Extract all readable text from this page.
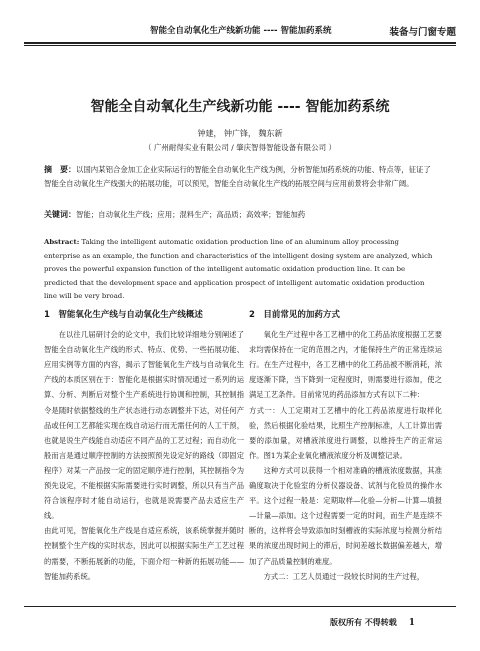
智能全自动氧化生产线新功能 ---- 智能加药系统	装备与门窗专题
智能全自动氧化生产线新功能 ---- 智能加药系统
钟建， 钟广锋， 魏东新
（ 广州耐得实业有限公司 / 肇庆智得智能设备有限公司 ）
摘　要：以国内某铝合金加工企业实际运行的智能全自动氧化生产线为例，分析智能加药系统的功能、特点等，征证了智能全自动氧化生产线强大的拓展功能，可以预见，智能全自动氧化生产线的拓展空间与应用前景将会非常广阔。
关键词：智能；自动氧化生产线；应用；混料生产；高品质；高效率；智能加药
Abstract: Taking the intelligent automatic oxidation production line of an aluminum alloy processing enterprise as an example, the function and characteristics of the intelligent dosing system are analyzed, which proves the powerful expansion function of the intelligent automatic oxidation production line. It can be predicted that the development space and application prospect of intelligent automatic oxidation production line will be very broad.
1　智能氧化生产线与自动氧化生产线概述

在以往几届研讨会的论文中，我们比较详细地分别阐述了智能全自动氧化生产线的形式、特点、优势、一些拓展功能、应用实例等方面的内容，揭示了智能氧化生产线与自动氧化生产线的本质区别在于：智能化是根据实时情况通过一系列的运算、分析、判断后对整个生产系统进行协调和控制，其控制指令是随时依据整线的生产状态进行动态调整并下达，对任何产品或任何工艺都能实现在线自动运行而无需任何的人工干预，也就是说生产线能自动适应不同产品的工艺过程；而自动化一般而言是通过顺序控制的方法按照预先设定好的路线（即固定程序）对某一产品按一定的固定顺序进行控制，其控制指令为预先设定，不能根据实际需要进行实时调整，所以只有当产品符合该程序时才能自动运行，也就是说需要产品去适应生产线。

由此可见，智能氧化生产线是自适应系统，该系统掌握并随时控制整个生产线的实时状态，因此可以根据实际生产工艺过程的需要，不断拓展新的功能，下面介绍一种新的拓展功能——智能加药系统。

2　目前常见的加药方式

氧化生产过程中各工艺槽中的化工药品浓度根据工艺要求均需保持在一定的范围之内，才能保持生产的正常连续运行。在生产过程中，各工艺槽中的化工药品被不断消耗，浓度逐渐下降，当下降到一定程度时，则需要进行添加，使之满足工艺条件。目前常见的药品添加方式有以下二种：

方式一：人工定期对工艺槽中的化工药品浓度进行取样化验，然后根据化验结果，比照生产控制标准，人工计算出需要的添加量，对槽液浓度进行调整，以维持生产的正常运作。图1为某企业氧化槽液浓度分析及调整记录。

这种方式可以获得一个相对准确的槽液浓度数据，其准确度取决于化验室的分析仪器设备、试剂与化验员的操作水平。这个过程一般是：定期取样—化验—分析—计算—填报—计量—添加。这个过程需要一定的时间，而生产是连续不断的，这样将会导致添加时刻槽液的实际浓度与检测分析结果的浓度出现时间上的滞后，时间差越长数据偏差越大，增加了产品质量控制的难度。

方式二：工艺人员通过一段较长时间的生产过程，

版权所有 不得转载 1
